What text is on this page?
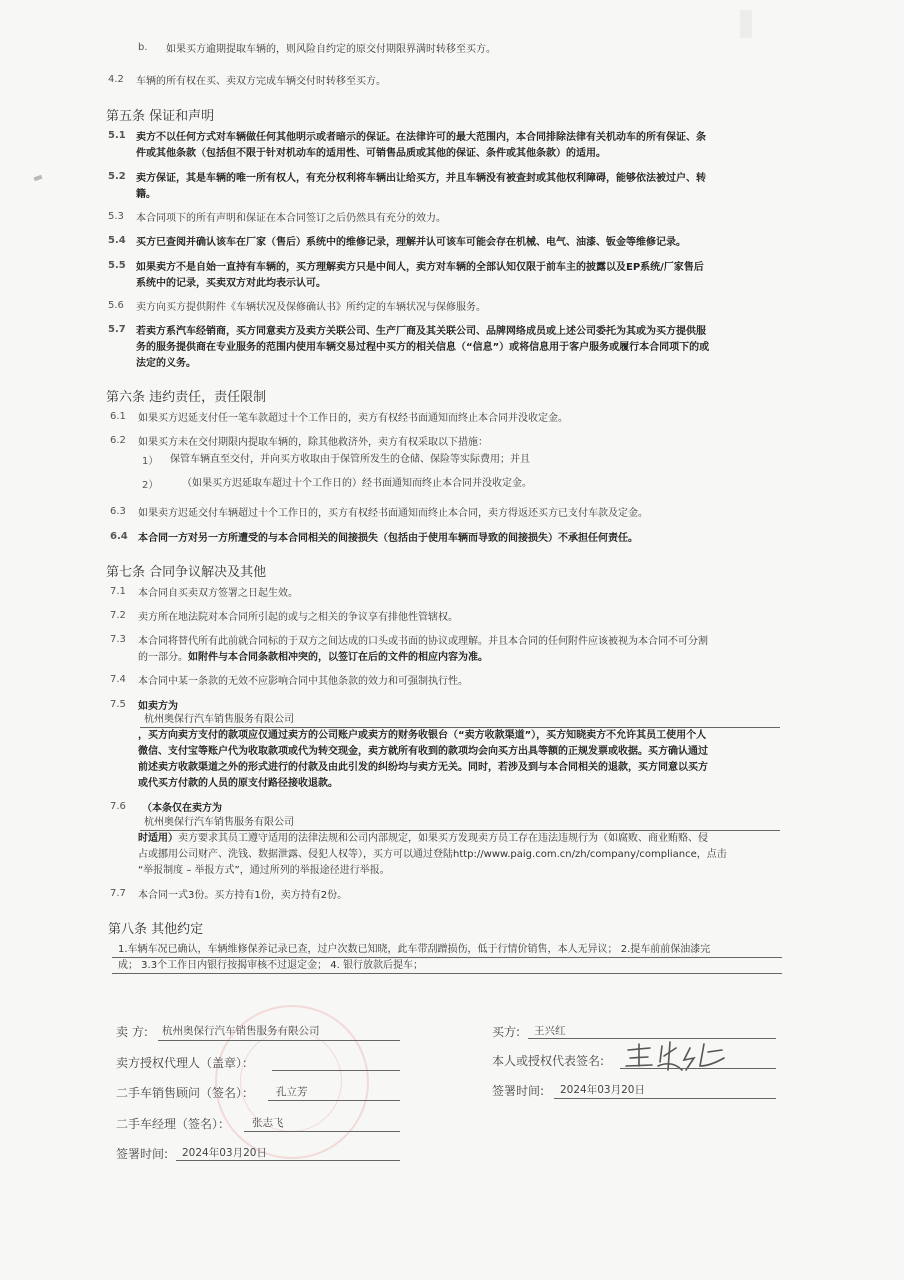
b. 如果买方逾期提取车辆的，则风险自约定的原交付期限界满时转移至买方。
4.2 车辆的所有权在买、卖双方完成车辆交付时转移至买方。
第五条 保证和声明
5.1 卖方不以任何方式对车辆做任何其他明示或者暗示的保证。在法律许可的最大范围内，本合同排除法律有关机动车的所有保证、条
件或其他条款（包括但不限于针对机动车的适用性、可销售品质或其他的保证、条件或其他条款）的适用。
5.2 卖方保证，其是车辆的唯一所有权人，有充分权利将车辆出让给买方，并且车辆没有被查封或其他权利障碍，能够依法被过户、转
籍。
5.3 本合同项下的所有声明和保证在本合同签订之后仍然具有充分的效力。
5.4 买方已查阅并确认该车在厂家（售后）系统中的维修记录，理解并认可该车可能会存在机械、电气、油漆、钣金等维修记录。
5.5 如果卖方不是自始一直持有车辆的，买方理解卖方只是中间人，卖方对车辆的全部认知仅限于前车主的披露以及EP系统/厂家售后
系统中的记录，买卖双方对此均表示认可。
5.6 卖方向买方提供附件《车辆状况及保修确认书》所约定的车辆状况与保修服务。
5.7 若卖方系汽车经销商，买方同意卖方及卖方关联公司、生产厂商及其关联公司、品牌网络成员或上述公司委托为其或为买方提供服
务的服务提供商在专业服务的范围内使用车辆交易过程中买方的相关信息（“信息”）或将信息用于客户服务或履行本合同项下的或
法定的义务。
第六条 违约责任，责任限制
6.1 如果买方迟延支付任一笔车款超过十个工作日的，卖方有权经书面通知而终止本合同并没收定金。
6.2 如果买方未在交付期限内提取车辆的，除其他救济外，卖方有权采取以下措施：
1） 保管车辆直至交付，并向买方收取由于保管所发生的仓储、保险等实际费用；并且
2） （如果买方迟延取车超过十个工作日的）经书面通知而终止本合同并没收定金。
6.3 如果卖方迟延交付车辆超过十个工作日的，买方有权经书面通知而终止本合同，卖方得返还买方已支付车款及定金。
6.4 本合同一方对另一方所遭受的与本合同相关的间接损失（包括由于使用车辆而导致的间接损失）不承担任何责任。
第七条 合同争议解决及其他
7.1 本合同自买卖双方签署之日起生效。
7.2 卖方所在地法院对本合同所引起的或与之相关的争议享有排他性管辖权。
7.3 本合同将替代所有此前就合同标的于双方之间达成的口头或书面的协议或理解。并且本合同的任何附件应该被视为本合同不可分割
的一部分。如附件与本合同条款相冲突的，以签订在后的文件的相应内容为准。
7.4 本合同中某一条款的无效不应影响合同中其他条款的效力和可强制执行性。
7.5 如卖方为
杭州奥保行汽车销售服务有限公司
，买方向卖方支付的款项应仅通过卖方的公司账户或卖方的财务收银台（“卖方收款渠道”），买方知晓卖方不允许其员工使用个人
微信、支付宝等账户代为收取款项或代为转交现金，卖方就所有收到的款项均会向买方出具等额的正规发票或收据。买方确认通过
前述卖方收款渠道之外的形式进行的付款及由此引发的纠纷均与卖方无关。同时，若涉及到与本合同相关的退款，买方同意以买方
或代买方付款的人员的原支付路径接收退款。
7.6 （本条仅在卖方为
杭州奥保行汽车销售服务有限公司
时适用）卖方要求其员工遵守适用的法律法规和公司内部规定，如果买方发现卖方员工存在违法违规行为（如腐败、商业贿赂、侵
占或挪用公司财产、洗钱、数据泄露、侵犯人权等），买方可以通过登陆http://www.paig.com.cn/zh/company/compliance，点击
“举报制度 – 举报方式”，通过所列的举报途径进行举报。
7.7 本合同一式3份。买方持有1份，卖方持有2份。
第八条 其他约定
1.车辆车况已确认，车辆维修保养记录已查，过户次数已知晓，此车带刮蹭损伤，低于行情价销售，本人无异议； 2.提车前前保油漆完
成； 3.3个工作日内银行按揭审核不过退定金； 4. 银行放款后提车；
卖 方:	杭州奥保行汽车销售服务有限公司
卖方授权代理人（盖章）：
二手车销售顾问（签名）：	孔立芳
二手车经理（签名）：	张志飞
签署时间:	2024年03月20日
买方:	王兴红
本人或授权代表签名:
签署时间:	2024年03月20日
